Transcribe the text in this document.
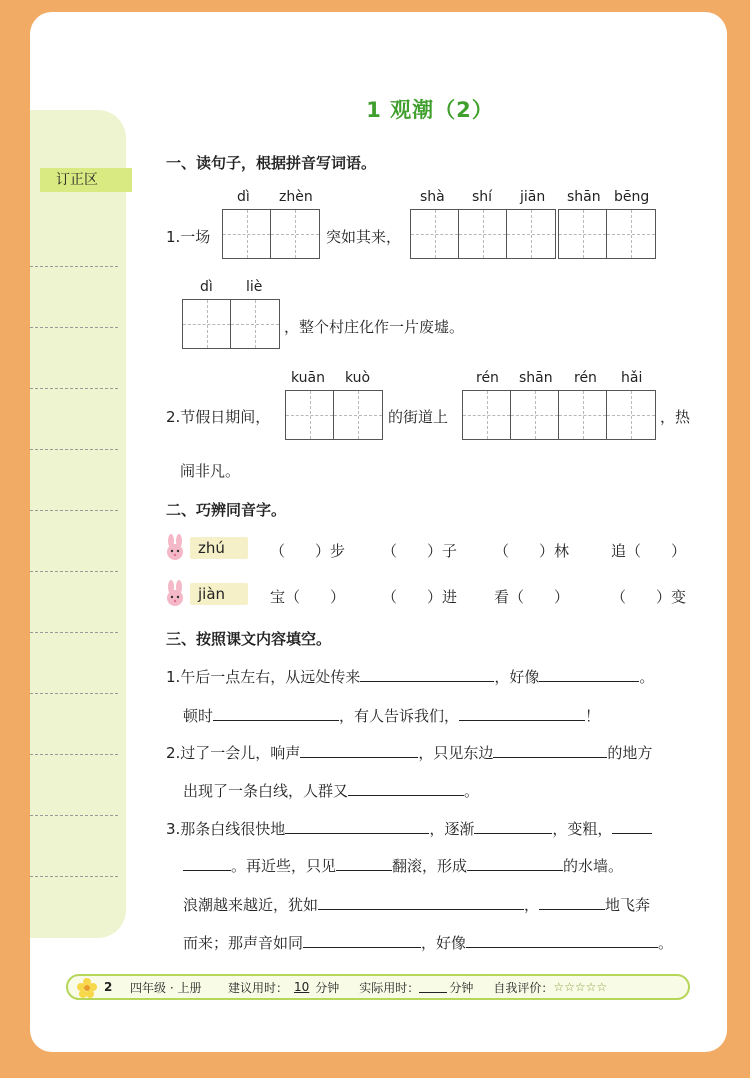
订正区
1 观潮（2）
一、读句子，根据拼音写词语。
dì zhèn	shà shí jiān shān bēng
1.一场	突如其来，
dì liè
，整个村庄化作一片废墟。
kuān kuò	rén shān rén hǎi
2.节假日期间，	的街道上	，热
闹非凡。
二、巧辨同音字。
zhú	（　　）步 （　　）子 （　　）林	追（　　）
jiàn	宝（　　） （　　）进 看（　　）	（　　）变
三、按照课文内容填空。
1.午后一点左右，从远处传来	，好像	。
顿时	，有人告诉我们，	！
2.过了一会儿，响声	，只见东边	的地方
出现了一条白线，人群又	。
3.那条白线很快地	，逐渐	，变粗，
。再近些，只见	翻滚，形成	的水墙。
浪潮越来越近，犹如	，	地飞奔
而来；那声音如同	，好像	。
2	四年级 · 上册	建议用时： 10 分钟	实际用时：	分钟	自我评价： ☆☆☆☆☆
